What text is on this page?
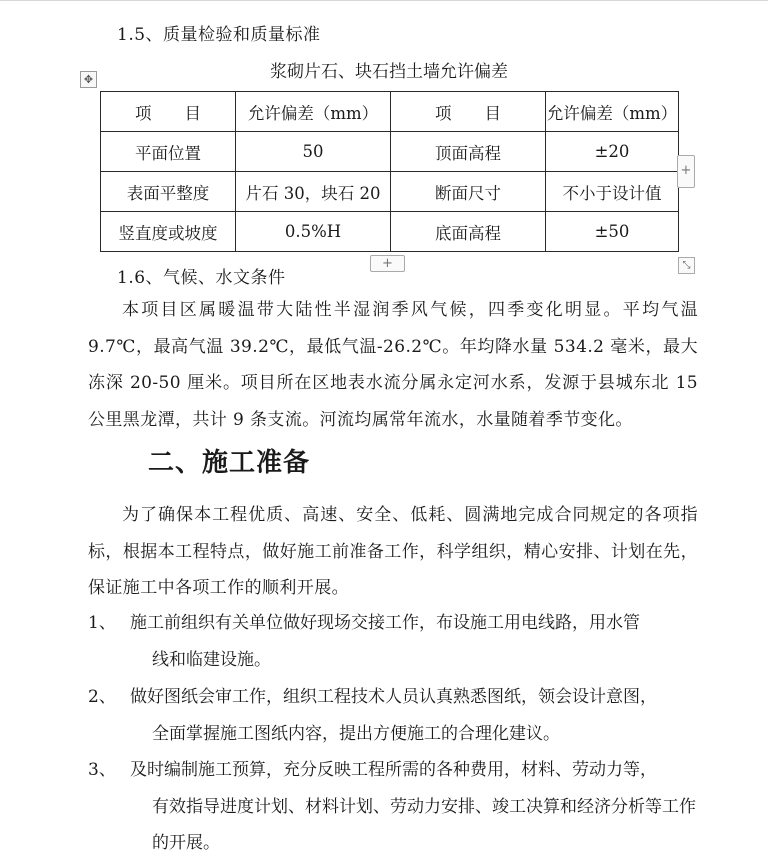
1.5、质量检验和质量标准
浆砌片石、块石挡土墙允许偏差
✥
项　　目	允许偏差（mm）	项　　目	允许偏差（mm）
平面位置	50	顶面高程	±20
表面平整度	片石 30，块石 20	断面尺寸	不小于设计值
竖直度或坡度	0.5%H	底面高程	±50
+
+	⤡
1.6、气候、水文条件
本项目区属暖温带大陆性半湿润季风气候，四季变化明显。平均气温 9.7℃，最高气温 39.2℃，最低气温-26.2℃。年均降水量 534.2 毫米，最大冻深 20-50 厘米。项目所在区地表水流分属永定河水系，发源于县城东北 15 公里黑龙潭，共计 9 条支流。河流均属常年流水，水量随着季节变化。
二、施工准备
为了确保本工程优质、高速、安全、低耗、圆满地完成合同规定的各项指标，根据本工程特点，做好施工前准备工作，科学组织，精心安排、计划在先，保证施工中各项工作的顺利开展。
1、 施工前组织有关单位做好现场交接工作，布设施工用电线路，用水管
线和临建设施。
2、 做好图纸会审工作，组织工程技术人员认真熟悉图纸，领会设计意图，
全面掌握施工图纸内容，提出方便施工的合理化建议。
3、 及时编制施工预算，充分反映工程所需的各种费用，材料、劳动力等，
有效指导进度计划、材料计划、劳动力安排、竣工决算和经济分析等工作的开展。
